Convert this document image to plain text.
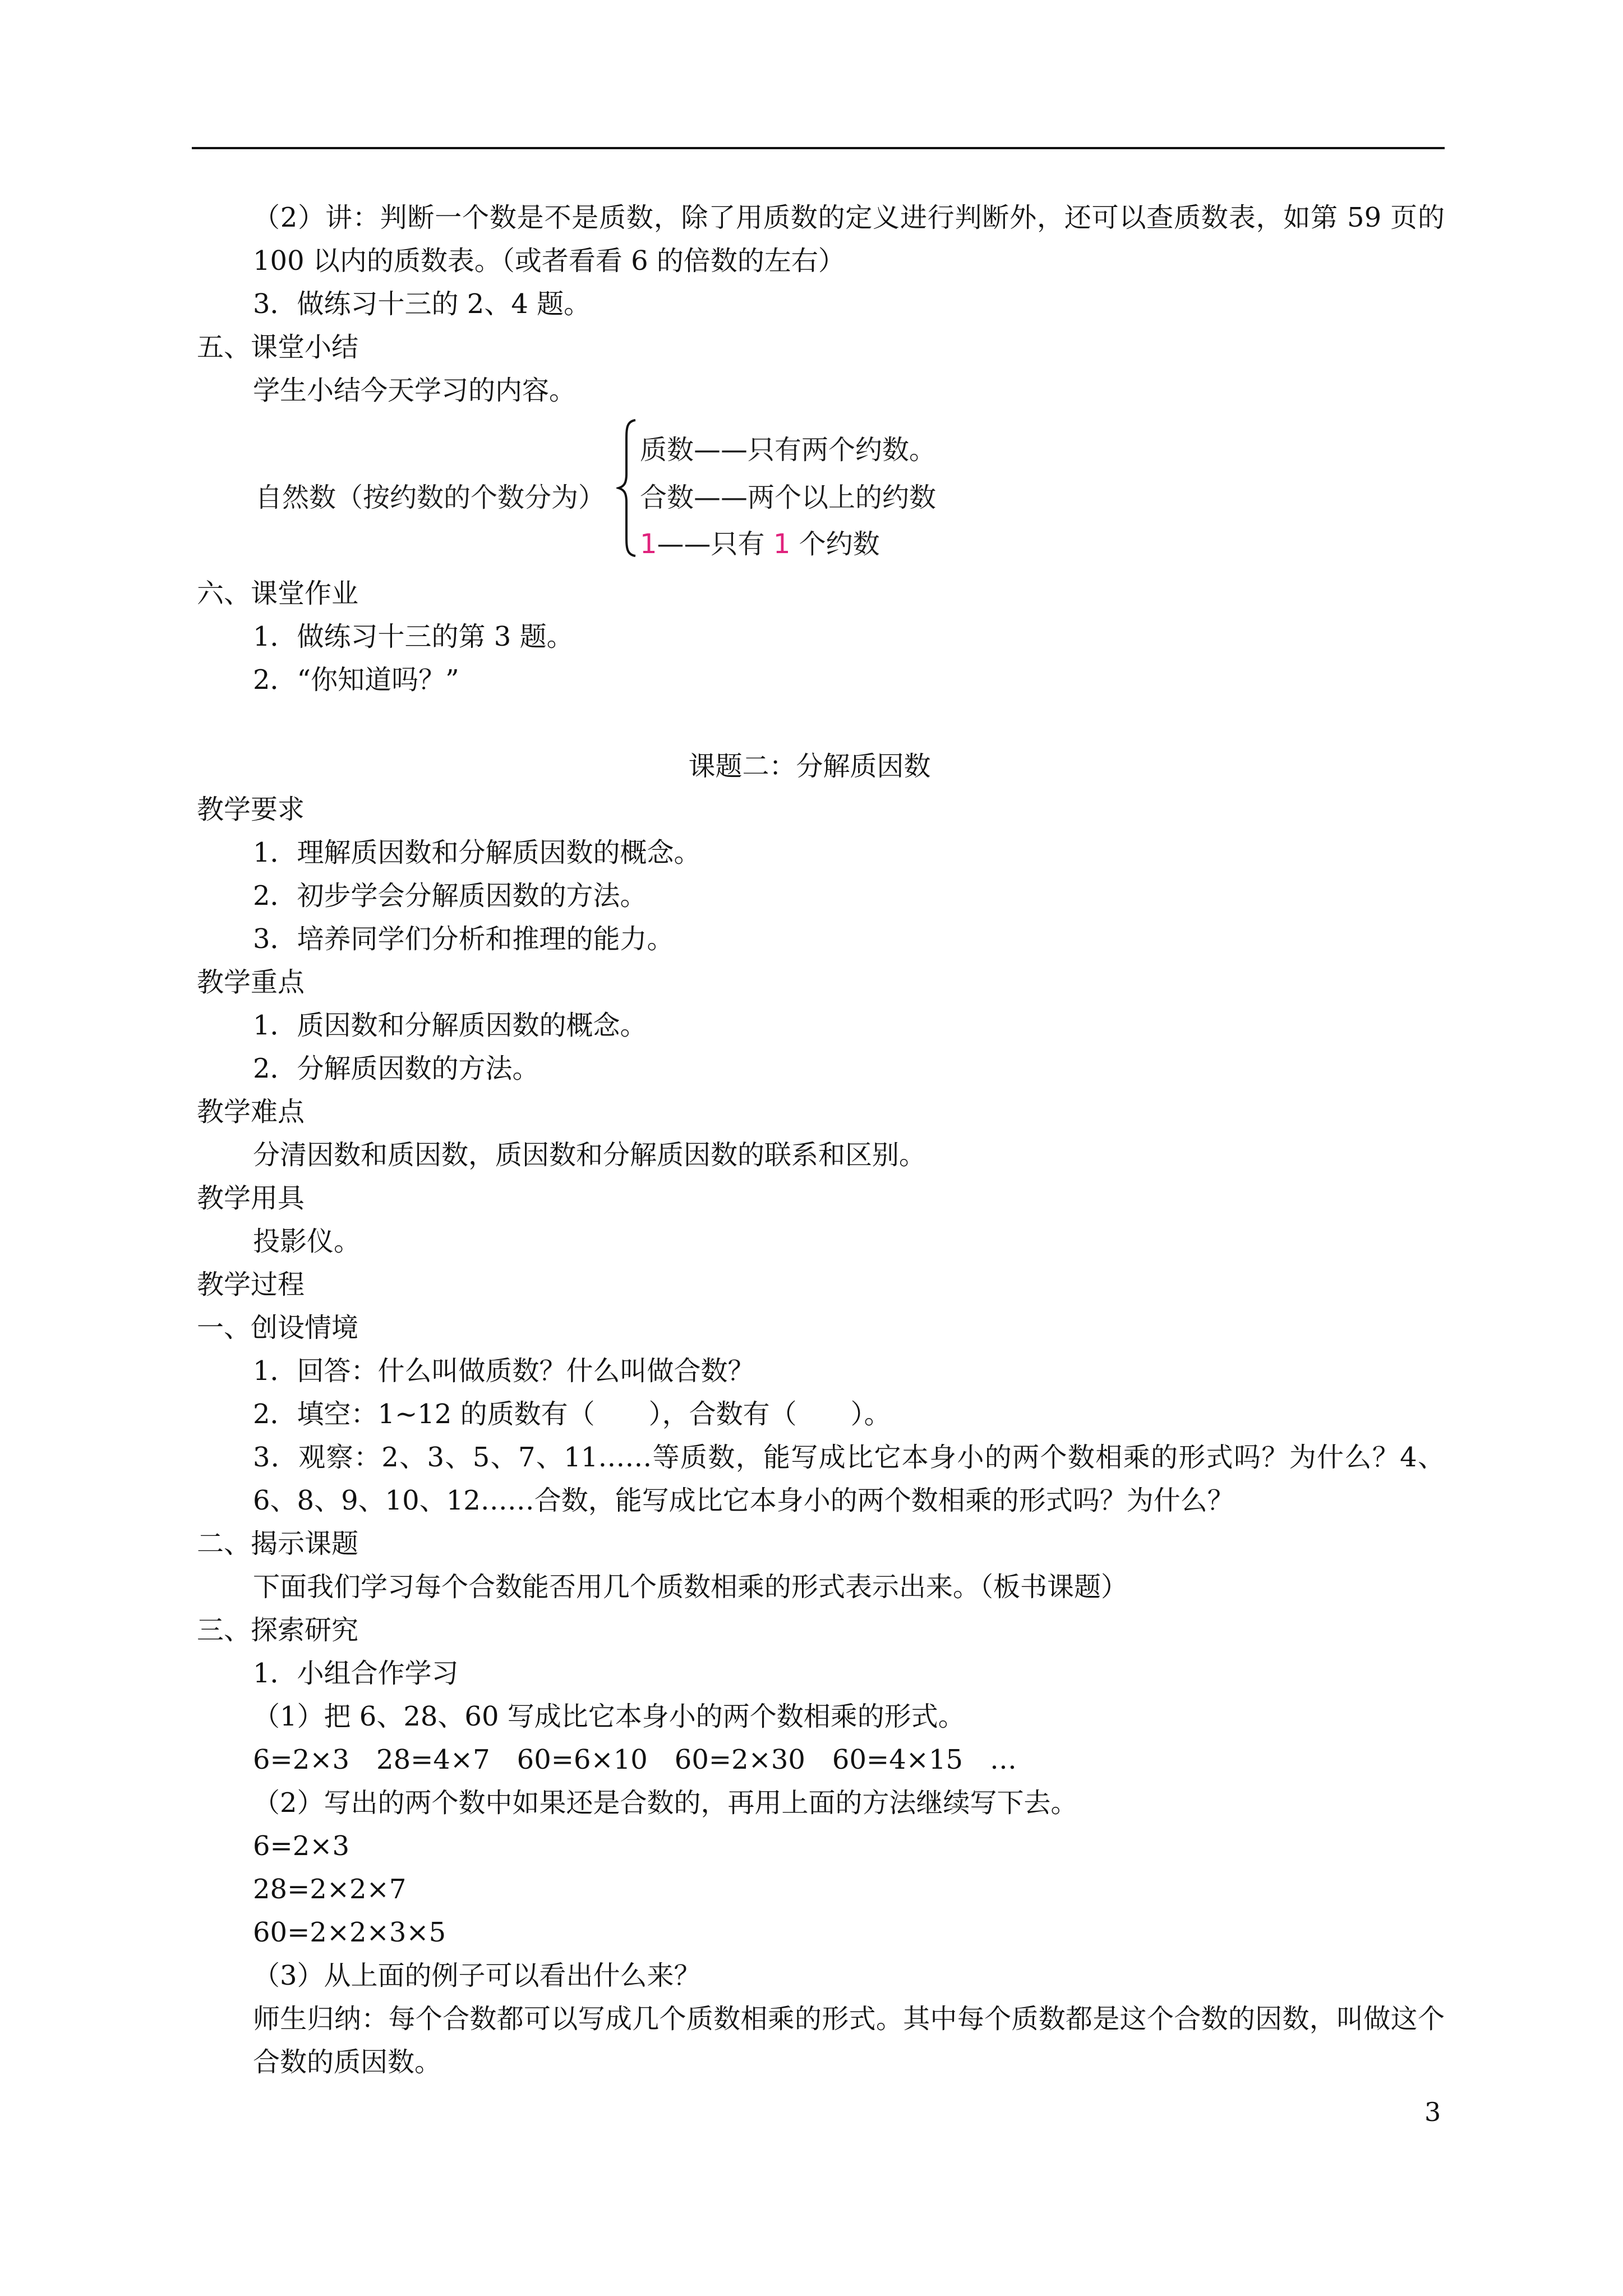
（2）讲：判断一个数是不是质数，除了用质数的定义进行判断外，还可以查质数表，如第 59 页的 100 以内的质数表。（或者看看 6 的倍数的左右）
3．做练习十三的 2、4 题。
五、课堂小结
学生小结今天学习的内容。
自然数（按约数的个数分为）
质数——只有两个约数。
合数——两个以上的约数
1——只有 1 个约数
六、课堂作业
1．做练习十三的第 3 题。
2．“你知道吗？”
课题二：分解质因数
教学要求
1．理解质因数和分解质因数的概念。
2．初步学会分解质因数的方法。
3．培养同学们分析和推理的能力。
教学重点
1．质因数和分解质因数的概念。
2．分解质因数的方法。
教学难点
分清因数和质因数，质因数和分解质因数的联系和区别。
教学用具
投影仪。
教学过程
一、创设情境
1．回答：什么叫做质数？什么叫做合数？
2．填空：1~12 的质数有（　　），合数有（　　）。
3．观察：2、3、5、7、11……等质数，能写成比它本身小的两个数相乘的形式吗？为什么？4、6、8、9、10、12……合数，能写成比它本身小的两个数相乘的形式吗？为什么？
二、揭示课题
下面我们学习每个合数能否用几个质数相乘的形式表示出来。（板书课题）
三、探索研究
1．小组合作学习
（1）把 6、28、60 写成比它本身小的两个数相乘的形式。
6=2×3　28=4×7　60=6×10　60=2×30　60=4×15　…
（2）写出的两个数中如果还是合数的，再用上面的方法继续写下去。
6=2×3
28=2×2×7
60=2×2×3×5
（3）从上面的例子可以看出什么来？
师生归纳：每个合数都可以写成几个质数相乘的形式。其中每个质数都是这个合数的因数，叫做这个合数的质因数。
3
